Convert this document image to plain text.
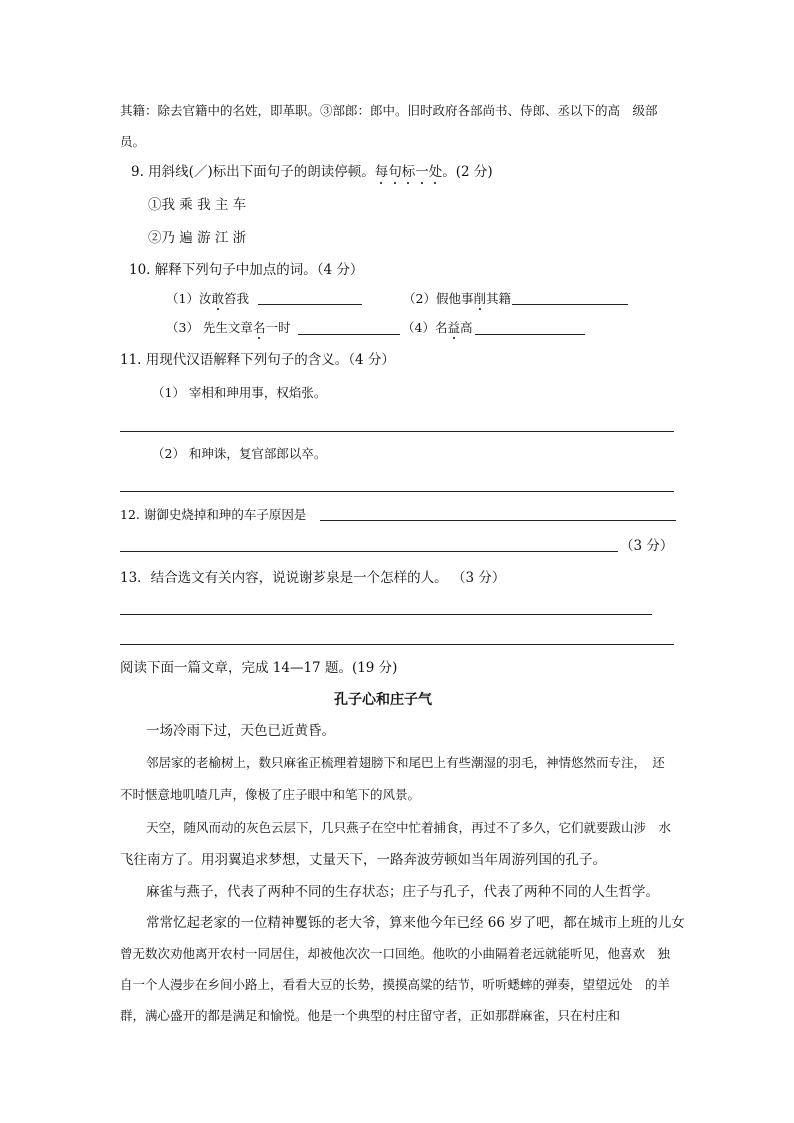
其籍：除去官籍中的名姓，即革职。③部郎：郎中。旧时政府各部尚书、侍郎、丞以下的高　级部
员。
9. 用斜线(／)标出下面句子的朗读停顿。每句标一处。(2 分)
①我 乘 我 主 车
②乃 遍 游 江 浙
10. 解释下列句子中加点的词。（4 分）
（1）汝敢笞我	（2）假他事削其籍
（3） 先生文章名一时	（4）名益高
11. 用现代汉语解释下列句子的含义。（4 分）
（1） 宰相和珅用事，权焰张。
（2） 和珅诛，复官部郎以卒。
12. 谢御史烧掉和珅的车子原因是
（3 分）
13．结合选文有关内容，说说谢芗泉是一个怎样的人。 （3 分）
阅读下面一篇文章，完成 14—17 题。(19 分)
孔子心和庄子气
一场冷雨下过，天色已近黄昏。
邻居家的老榆树上，数只麻雀正梳理着翅膀下和尾巴上有些潮湿的羽毛，神情悠然而专注，　还
不时惬意地叽喳几声，像极了庄子眼中和笔下的风景。
天空，随风而动的灰色云层下，几只燕子在空中忙着捕食，再过不了多久，它们就要跋山涉　水
飞往南方了。用羽翼追求梦想，丈量天下，一路奔波劳顿如当年周游列国的孔子。
麻雀与燕子，代表了两种不同的生存状态；庄子与孔子，代表了两种不同的人生哲学。
常常忆起老家的一位精神矍铄的老大爷，算来他今年已经 66 岁了吧，都在城市上班的儿女
曾无数次劝他离开农村一同居住，却被他次次一口回绝。他吹的小曲隔着老远就能听见，他喜欢　独
自一个人漫步在乡间小路上，看看大豆的长势，摸摸高粱的结节，听听蟋蟀的弹奏，望望远处　的羊
群，满心盛开的都是满足和愉悦。他是一个典型的村庄留守者，正如那群麻雀，只在村庄和
